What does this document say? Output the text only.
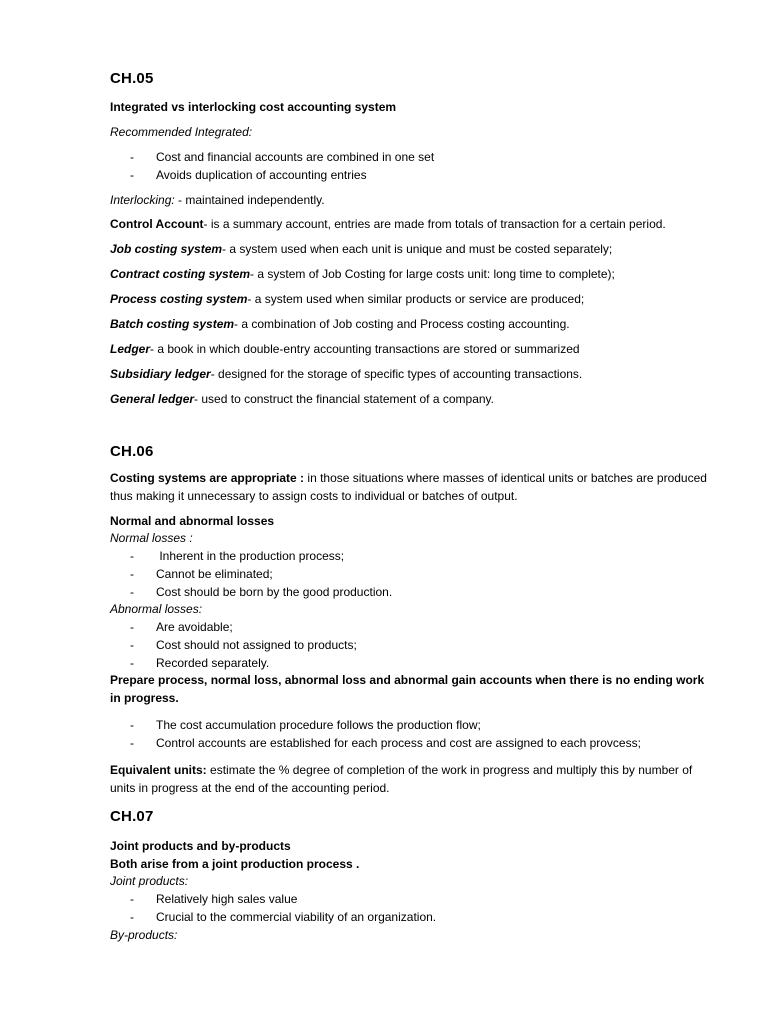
CH.05
Integrated vs interlocking cost accounting system
Recommended Integrated:
- Cost and financial accounts are combined in one set
- Avoids duplication of accounting entries
Interlocking: - maintained independently.
Control Account- is a summary account, entries are made from totals of transaction for a certain period.
Job costing system- a system used when each unit is unique and must be costed separately;
Contract costing system- a system of Job Costing for large costs unit: long time to complete);
Process costing system- a system used when similar products or service are produced;
Batch costing system- a combination of Job costing and Process costing accounting.
Ledger- a book in which double-entry accounting transactions are stored or summarized
Subsidiary ledger- designed for the storage of specific types of accounting transactions.
General ledger- used to construct the financial statement of a company.
CH.06
Costing systems are appropriate : in those situations where masses of identical units or batches are produced thus making it unnecessary to assign costs to individual or batches of output.
Normal and abnormal losses
Normal losses :
- Inherent in the production process;
- Cannot be eliminated;
- Cost should be born by the good production.
Abnormal losses:
- Are avoidable;
- Cost should not assigned to products;
- Recorded separately.
Prepare process, normal loss, abnormal loss and abnormal gain accounts when there is no ending work in progress.
- The cost accumulation procedure follows the production flow;
- Control accounts are established for each process and cost are assigned to each provcess;
Equivalent units: estimate the % degree of completion of the work in progress and multiply this by number of units in progress at the end of the accounting period.
CH.07
Joint products and by-products
Both arise from a joint production process .
Joint products:
- Relatively high sales value
- Crucial to the commercial viability of an organization.
By-products:
